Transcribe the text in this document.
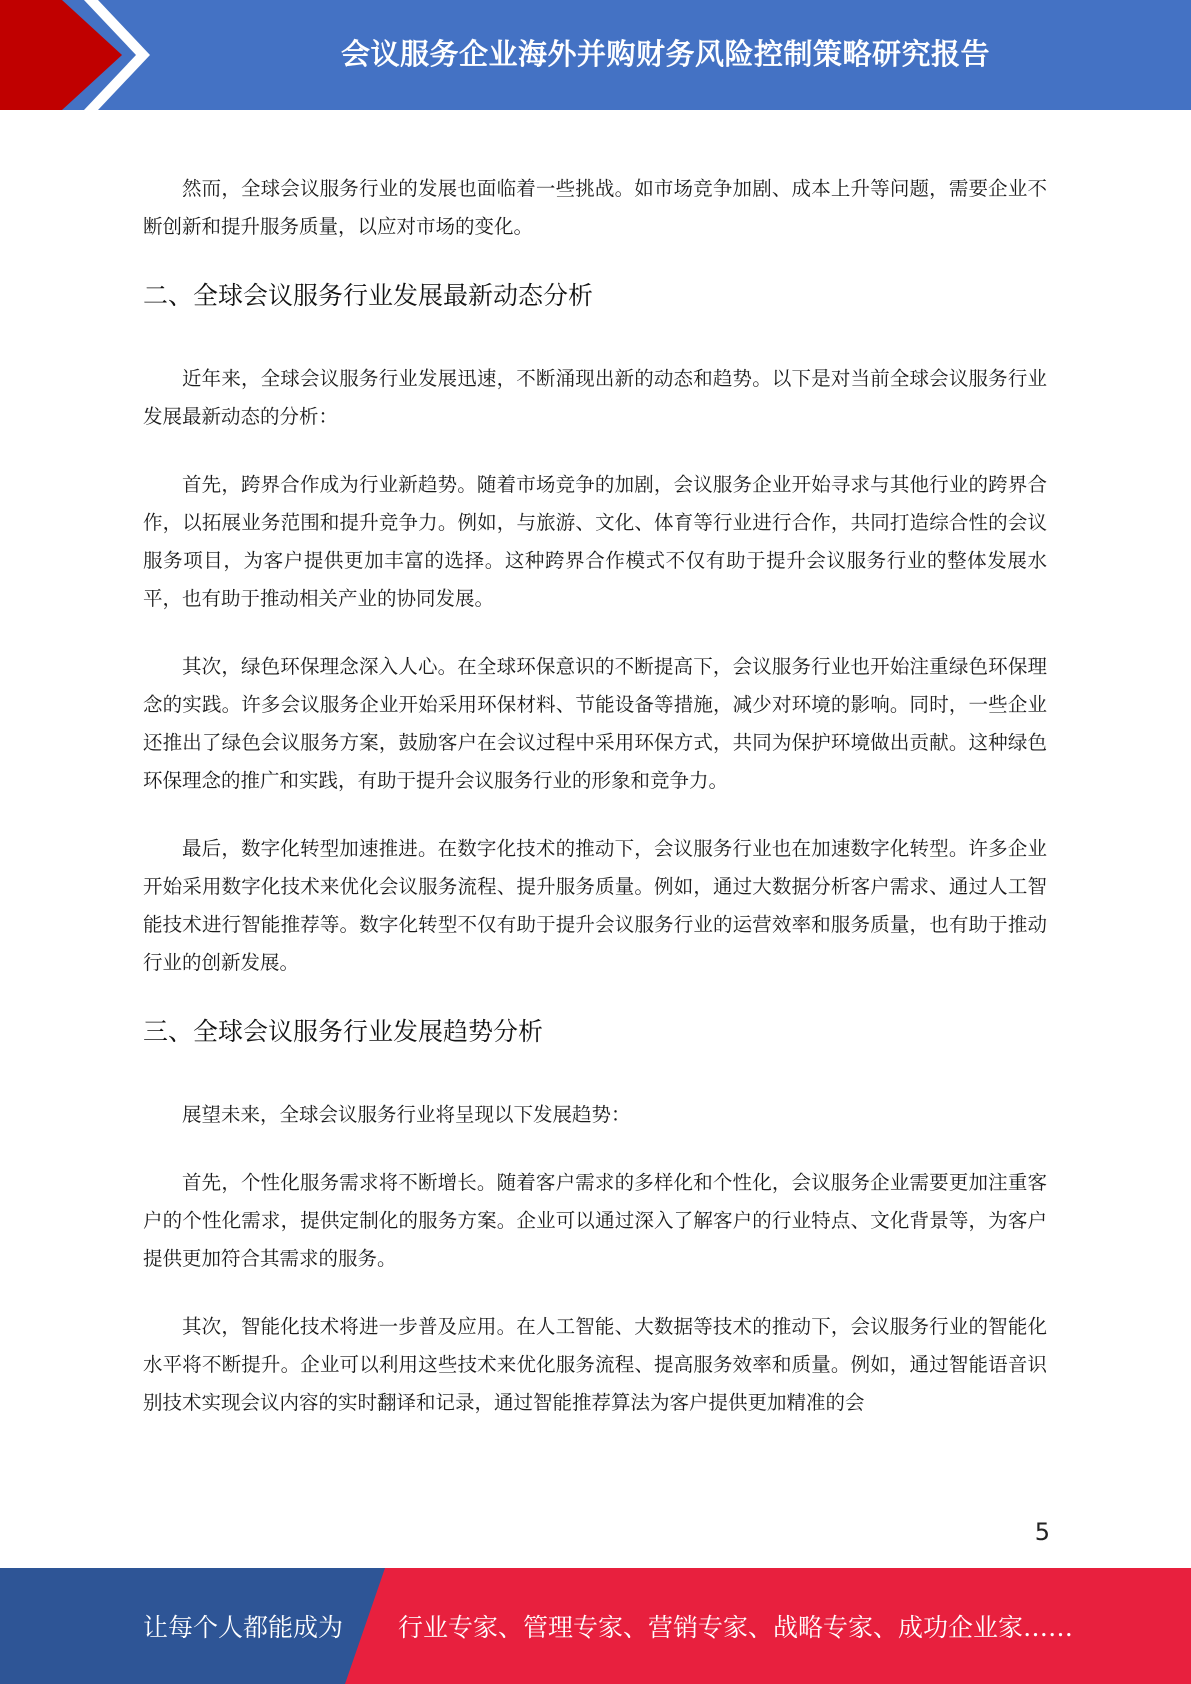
会议服务企业海外并购财务风险控制策略研究报告

然而，全球会议服务行业的发展也面临着一些挑战。如市场竞争加剧、成本上升等问题，需要企业不断创新和提升服务质量，以应对市场的变化。

二、全球会议服务行业发展最新动态分析

近年来，全球会议服务行业发展迅速，不断涌现出新的动态和趋势。以下是对当前全球会议服务行业发展最新动态的分析：

首先，跨界合作成为行业新趋势。随着市场竞争的加剧，会议服务企业开始寻求与其他行业的跨界合作，以拓展业务范围和提升竞争力。例如，与旅游、文化、体育等行业进行合作，共同打造综合性的会议服务项目，为客户提供更加丰富的选择。这种跨界合作模式不仅有助于提升会议服务行业的整体发展水平，也有助于推动相关产业的协同发展。

其次，绿色环保理念深入人心。在全球环保意识的不断提高下，会议服务行业也开始注重绿色环保理念的实践。许多会议服务企业开始采用环保材料、节能设备等措施，减少对环境的影响。同时，一些企业还推出了绿色会议服务方案，鼓励客户在会议过程中采用环保方式，共同为保护环境做出贡献。这种绿色环保理念的推广和实践，有助于提升会议服务行业的形象和竞争力。

最后，数字化转型加速推进。在数字化技术的推动下，会议服务行业也在加速数字化转型。许多企业开始采用数字化技术来优化会议服务流程、提升服务质量。例如，通过大数据分析客户需求、通过人工智能技术进行智能推荐等。数字化转型不仅有助于提升会议服务行业的运营效率和服务质量，也有助于推动行业的创新发展。

三、全球会议服务行业发展趋势分析

展望未来，全球会议服务行业将呈现以下发展趋势：

首先，个性化服务需求将不断增长。随着客户需求的多样化和个性化，会议服务企业需要更加注重客户的个性化需求，提供定制化的服务方案。企业可以通过深入了解客户的行业特点、文化背景等，为客户提供更加符合其需求的服务。

其次，智能化技术将进一步普及应用。在人工智能、大数据等技术的推动下，会议服务行业的智能化水平将不断提升。企业可以利用这些技术来优化服务流程、提高服务效率和质量。例如，通过智能语音识别技术实现会议内容的实时翻译和记录，通过智能推荐算法为客户提供更加精准的会

5
让每个人都能成为 行业专家、管理专家、营销专家、战略专家、成功企业家……
